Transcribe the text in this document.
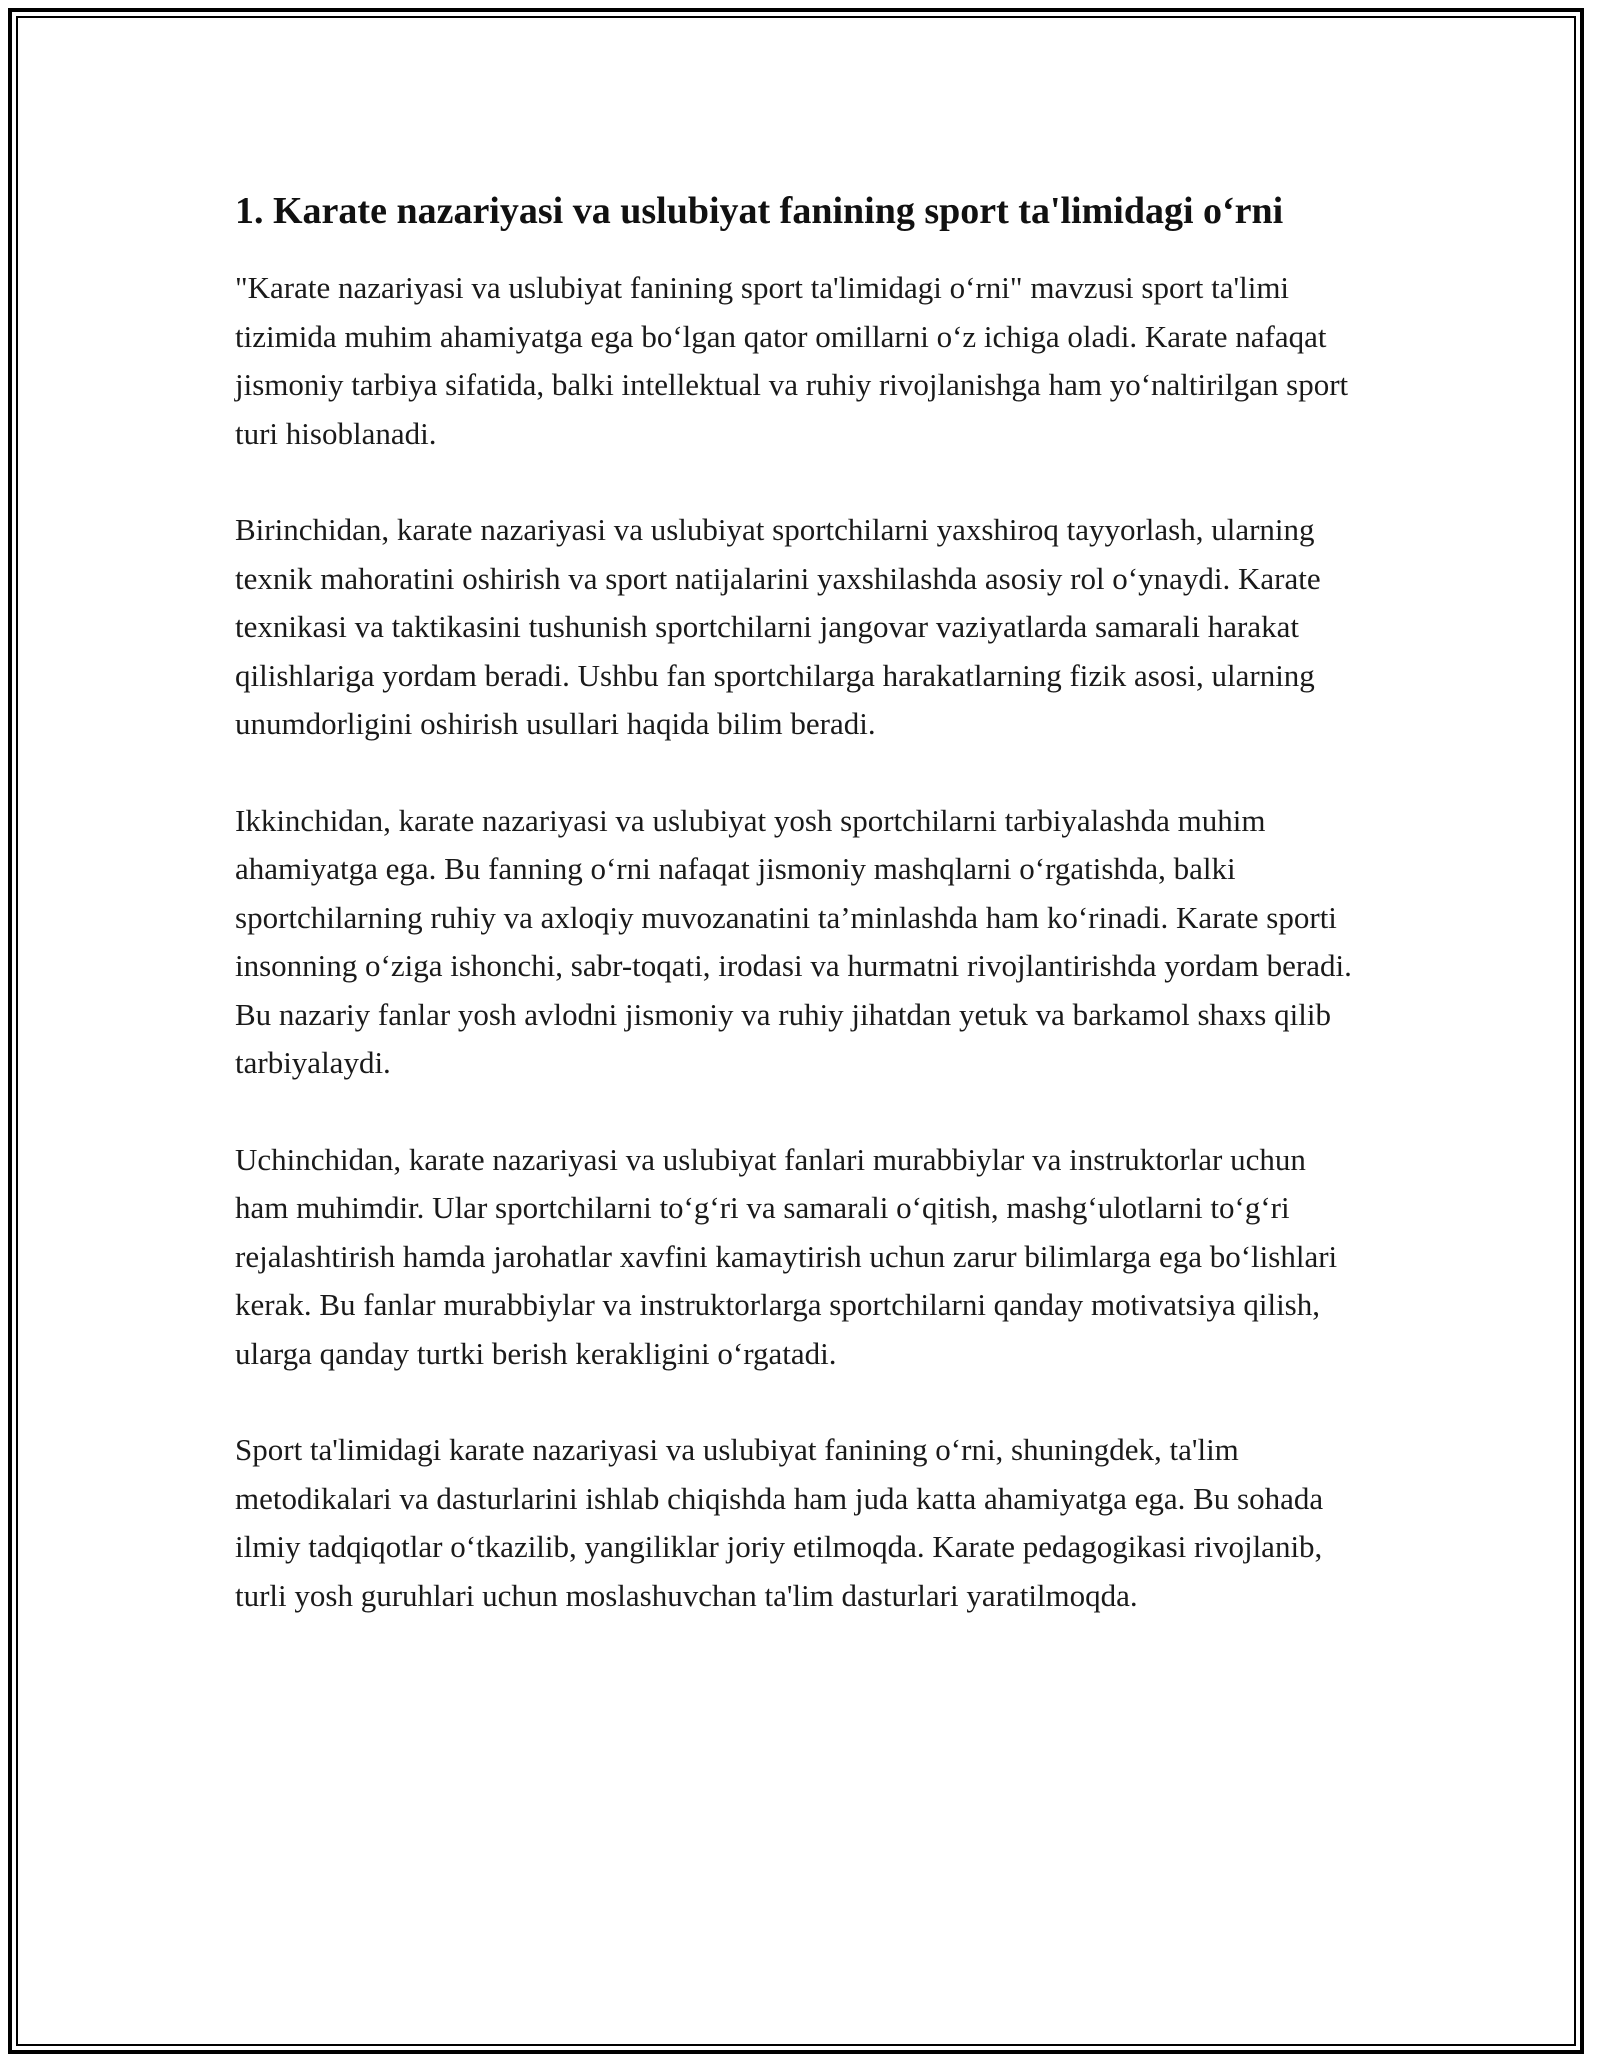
1. Karate nazariyasi va uslubiyat fanining sport ta'limidagi o‘rni

"Karate nazariyasi va uslubiyat fanining sport ta'limidagi o‘rni" mavzusi sport ta'limi tizimida muhim ahamiyatga ega bo‘lgan qator omillarni o‘z ichiga oladi. Karate nafaqat jismoniy tarbiya sifatida, balki intellektual va ruhiy rivojlanishga ham yo‘naltirilgan sport turi hisoblanadi.

Birinchidan, karate nazariyasi va uslubiyat sportchilarni yaxshiroq tayyorlash, ularning texnik mahoratini oshirish va sport natijalarini yaxshilashda asosiy rol o‘ynaydi. Karate texnikasi va taktikasini tushunish sportchilarni jangovar vaziyatlarda samarali harakat qilishlariga yordam beradi. Ushbu fan sportchilarga harakatlarning fizik asosi, ularning unumdorligini oshirish usullari haqida bilim beradi.

Ikkinchidan, karate nazariyasi va uslubiyat yosh sportchilarni tarbiyalashda muhim ahamiyatga ega. Bu fanning o‘rni nafaqat jismoniy mashqlarni o‘rgatishda, balki sportchilarning ruhiy va axloqiy muvozanatini ta’minlashda ham ko‘rinadi. Karate sporti insonning o‘ziga ishonchi, sabr-toqati, irodasi va hurmatni rivojlantirishda yordam beradi. Bu nazariy fanlar yosh avlodni jismoniy va ruhiy jihatdan yetuk va barkamol shaxs qilib tarbiyalaydi.

Uchinchidan, karate nazariyasi va uslubiyat fanlari murabbiylar va instruktorlar uchun ham muhimdir. Ular sportchilarni to‘g‘ri va samarali o‘qitish, mashg‘ulotlarni to‘g‘ri rejalashtirish hamda jarohatlar xavfini kamaytirish uchun zarur bilimlarga ega bo‘lishlari kerak. Bu fanlar murabbiylar va instruktorlarga sportchilarni qanday motivatsiya qilish, ularga qanday turtki berish kerakligini o‘rgatadi.

Sport ta'limidagi karate nazariyasi va uslubiyat fanining o‘rni, shuningdek, ta'lim metodikalari va dasturlarini ishlab chiqishda ham juda katta ahamiyatga ega. Bu sohada ilmiy tadqiqotlar o‘tkazilib, yangiliklar joriy etilmoqda. Karate pedagogikasi rivojlanib, turli yosh guruhlari uchun moslashuvchan ta'lim dasturlari yaratilmoqda.
